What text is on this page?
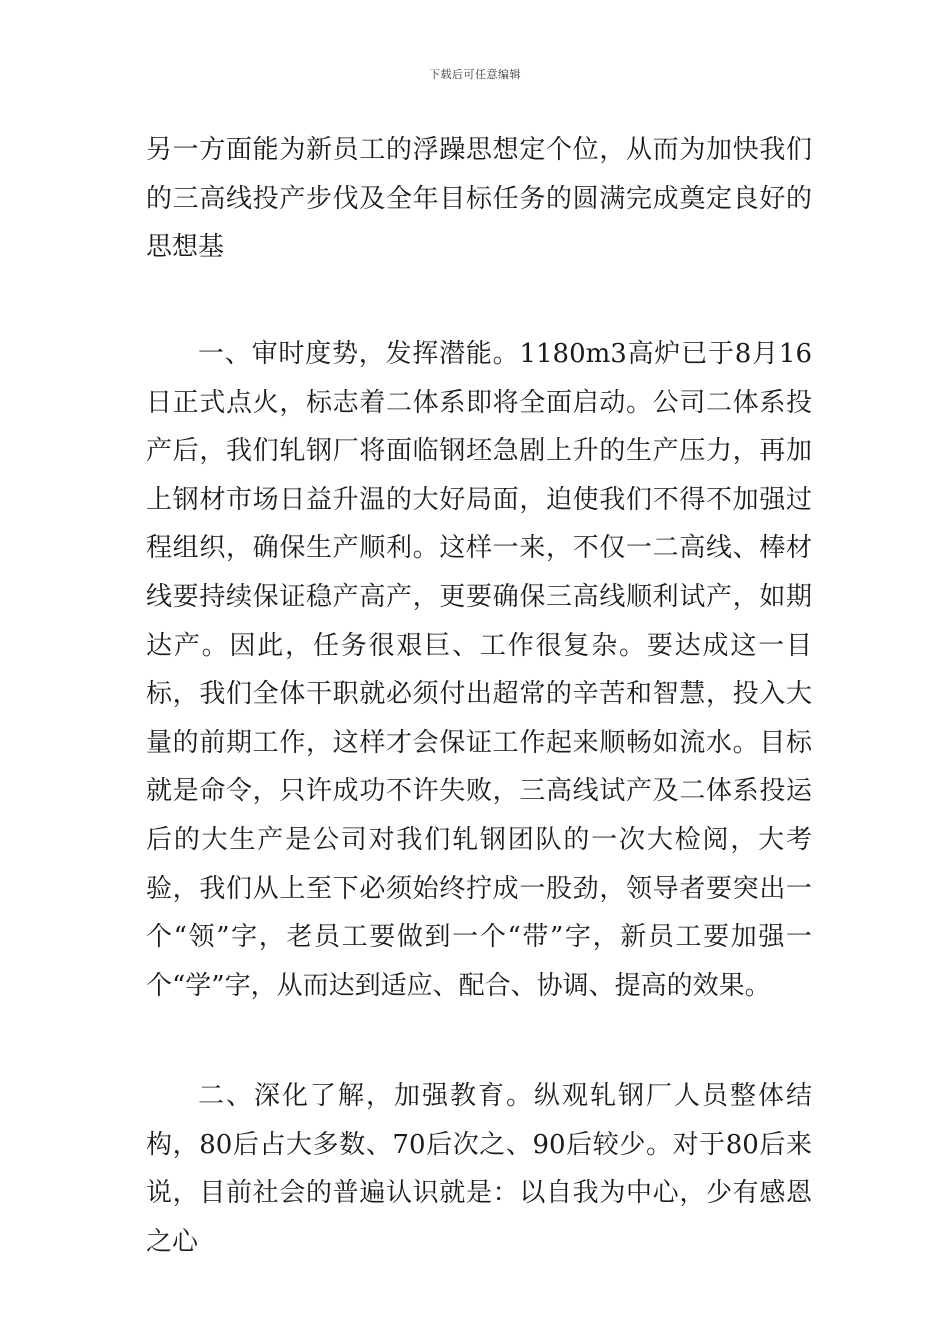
下载后可任意编辑

另一方面能为新员工的浮躁思想定个位，从而为加快我们的三高线投产步伐及全年目标任务的圆满完成奠定良好的思想基

一、审时度势，发挥潜能。1180m3高炉已于8月16日正式点火，标志着二体系即将全面启动。公司二体系投产后，我们轧钢厂将面临钢坯急剧上升的生产压力，再加上钢材市场日益升温的大好局面，迫使我们不得不加强过程组织，确保生产顺利。这样一来，不仅一二高线、棒材线要持续保证稳产高产，更要确保三高线顺利试产，如期达产。因此，任务很艰巨、工作很复杂。要达成这一目标，我们全体干职就必须付出超常的辛苦和智慧，投入大量的前期工作，这样才会保证工作起来顺畅如流水。目标就是命令，只许成功不许失败，三高线试产及二体系投运后的大生产是公司对我们轧钢团队的一次大检阅，大考验，我们从上至下必须始终拧成一股劲，领导者要突出一个“领”字，老员工要做到一个“带”字，新员工要加强一个“学”字，从而达到适应、配合、协调、提高的效果。

二、深化了解，加强教育。纵观轧钢厂人员整体结构，80后占大多数、70后次之、90后较少。对于80后来说，目前社会的普遍认识就是：以自我为中心，少有感恩之心
